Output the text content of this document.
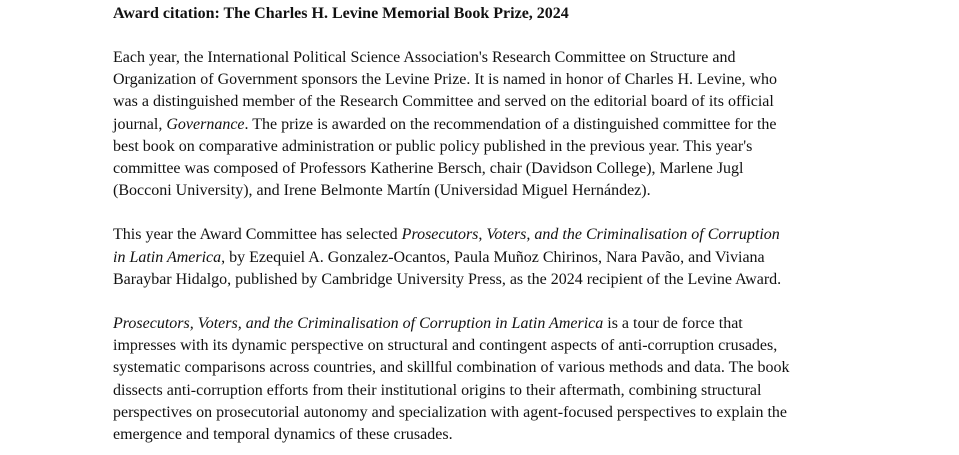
Award citation: The Charles H. Levine Memorial Book Prize, 2024

Each year, the International Political Science Association's Research Committee on Structure and
Organization of Government sponsors the Levine Prize. It is named in honor of Charles H. Levine, who
was a distinguished member of the Research Committee and served on the editorial board of its official
journal, Governance. The prize is awarded on the recommendation of a distinguished committee for the
best book on comparative administration or public policy published in the previous year. This year's
committee was composed of Professors Katherine Bersch, chair (Davidson College), Marlene Jugl
(Bocconi University), and Irene Belmonte Martín (Universidad Miguel Hernández).

This year the Award Committee has selected Prosecutors, Voters, and the Criminalisation of Corruption
in Latin America, by Ezequiel A. Gonzalez-Ocantos, Paula Muñoz Chirinos, Nara Pavão, and Viviana
Baraybar Hidalgo, published by Cambridge University Press, as the 2024 recipient of the Levine Award.

Prosecutors, Voters, and the Criminalisation of Corruption in Latin America is a tour de force that
impresses with its dynamic perspective on structural and contingent aspects of anti-corruption crusades,
systematic comparisons across countries, and skillful combination of various methods and data. The book
dissects anti-corruption efforts from their institutional origins to their aftermath, combining structural
perspectives on prosecutorial autonomy and specialization with agent-focused perspectives to explain the
emergence and temporal dynamics of these crusades.
